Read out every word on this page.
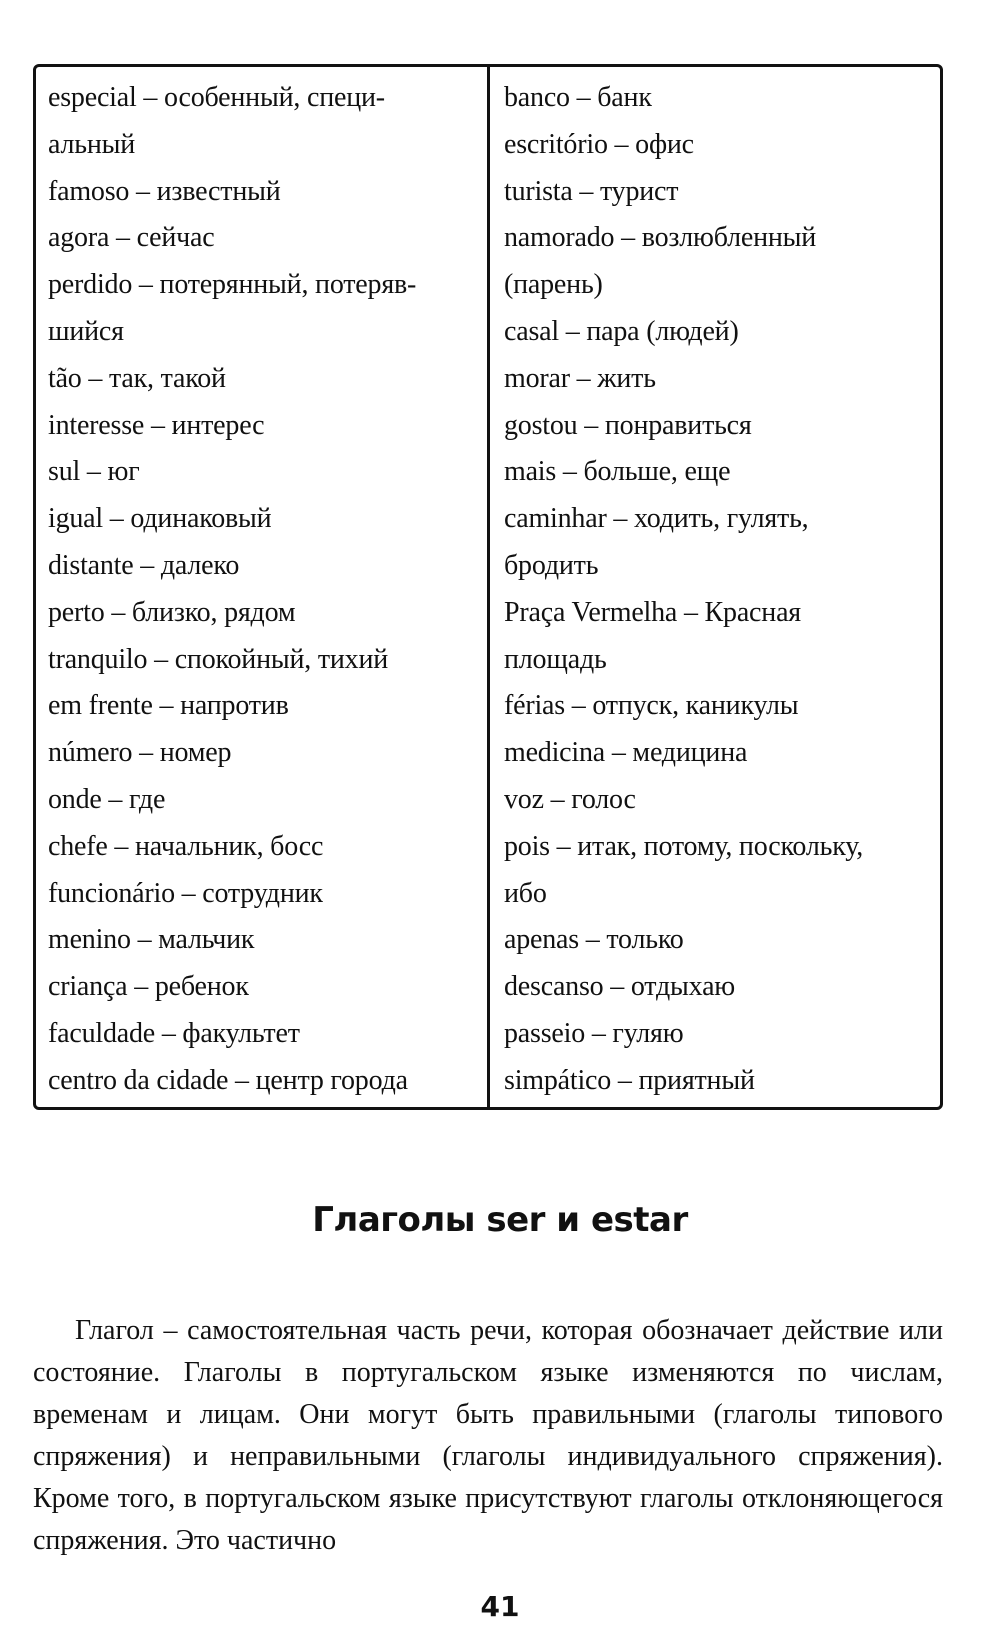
especial – особенный, специ-
альный
famoso – известный
agora – сейчас
perdido – потерянный, потеряв-
шийся
tão – так, такой
interesse – интерес
sul – юг
igual – одинаковый
distante – далеко
perto – близко, рядом
tranquilo – спокойный, тихий
em frente – напротив
número – номер
onde – где
chefe – начальник, босс
funcionário – сотрудник
menino – мальчик
criança – ребенок
faculdade – факультет
centro da cidade – центр города
banco – банк
escritório – офис
turista – турист
namorado – возлюбленный
(парень)
casal – пара (людей)
morar – жить
gostou – понравиться
mais – больше, еще
caminhar – ходить, гулять,
бродить
Praça Vermelha – Красная
площадь
férias – отпуск, каникулы
medicina – медицина
voz – голос
pois – итак, потому, поскольку,
ибо
apenas – только
descanso – отдыхаю
passeio – гуляю
simpático – приятный
Глаголы ser и estar

Глагол – самостоятельная часть речи, которая обозначает действие или состояние. Глаголы в португальском языке изменяются по числам, временам и лицам. Они могут быть правильными (глаголы типового спряжения) и неправильными (глаголы индивидуального спряжения). Кроме того, в португальском языке присутствуют глаголы отклоняющегося спряжения. Это частично

41
